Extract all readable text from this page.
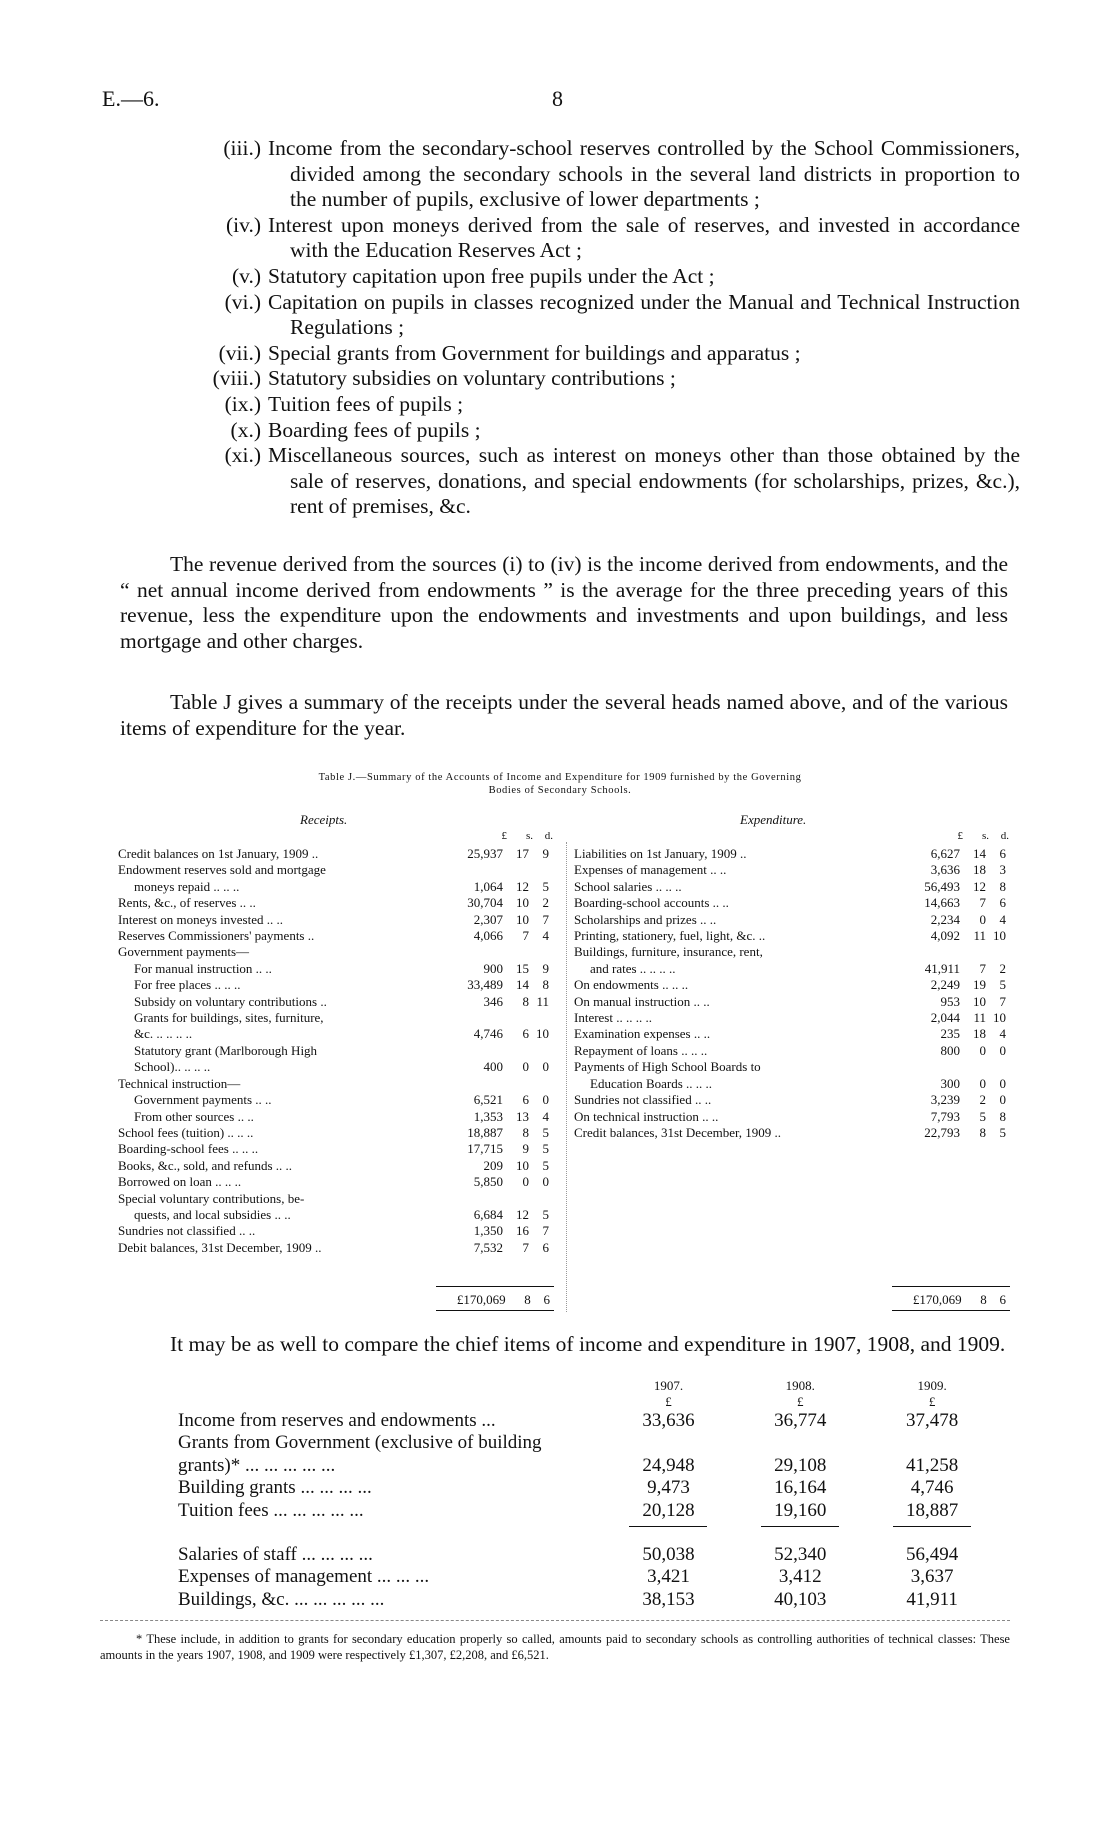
E.—6.	8
(iii.) Income from the secondary-school reserves controlled by the School Commissioners, divided among the secondary schools in the several land districts in proportion to the number of pupils, exclusive of lower departments ;
(iv.) Interest upon moneys derived from the sale of reserves, and invested in accordance with the Education Reserves Act ;
(v.) Statutory capitation upon free pupils under the Act ;
(vi.) Capitation on pupils in classes recognized under the Manual and Technical Instruction Regulations ;
(vii.) Special grants from Government for buildings and apparatus ;
(viii.) Statutory subsidies on voluntary contributions ;
(ix.) Tuition fees of pupils ;
(x.) Boarding fees of pupils ;
(xi.) Miscellaneous sources, such as interest on moneys other than those obtained by the sale of reserves, donations, and special endowments (for scholarships, prizes, &c.), rent of premises, &c.

The revenue derived from the sources (i) to (iv) is the income derived from endowments, and the “ net annual income derived from endowments ” is the average for the three preceding years of this revenue, less the expenditure upon the endowments and investments and upon buildings, and less mortgage and other charges.

Table J gives a summary of the receipts under the several heads named above, and of the various items of expenditure for the year.

Table J.—Summary of the Accounts of Income and Expenditure for 1909 furnished by the Governing
Bodies of Secondary Schools.
Receipts.	Expenditure.
£ s. d.	£ s. d.
Credit balances on 1st January, 1909 ..	25,937	17	9
Endowment reserves sold and mortgage
moneys repaid .. .. ..	1,064	12	5
Rents, &c., of reserves .. ..	30,704	10	2
Interest on moneys invested .. ..	2,307	10	7
Reserves Commissioners' payments ..	4,066	7	4
Government payments—
For manual instruction .. ..	900	15	9
For free places .. .. ..	33,489	14	8
Subsidy on voluntary contributions ..	346	8 11
Grants for buildings, sites, furniture,
&c. .. .. .. ..	4,746	6 10
Statutory grant (Marlborough High
School).. .. .. ..	400	0	0
Technical instruction—
Government payments .. ..	6,521	6	0
From other sources .. ..	1,353	13	4
School fees (tuition) .. .. ..	18,887	8	5
Boarding-school fees .. .. ..	17,715	9	5
Books, &c., sold, and refunds .. ..	209	10	5
Borrowed on loan .. .. ..	5,850	0	0
Special voluntary contributions, be-
quests, and local subsidies .. ..	6,684	12	5
Sundries not classified .. ..	1,350	16	7
Debit balances, 31st December, 1909 ..	7,532	7	6
Liabilities on 1st January, 1909 ..	6,627	14	6
Expenses of management .. ..	3,636	18	3
School salaries .. .. ..	56,493	12	8
Boarding-school accounts .. ..	14,663	7	6
Scholarships and prizes .. ..	2,234	0	4
Printing, stationery, fuel, light, &c. ..	4,092	11 10
Buildings, furniture, insurance, rent,
and rates .. .. .. ..	41,911	7	2
On endowments .. .. ..	2,249	19	5
On manual instruction .. ..	953	10	7
Interest .. .. .. ..	2,044	11 10
Examination expenses .. ..	235	18	4
Repayment of loans .. .. ..	800	0	0
Payments of High School Boards to
Education Boards .. .. ..	300	0	0
Sundries not classified .. ..	3,239	2	0
On technical instruction .. ..	7,793	5	8
Credit balances, 31st December, 1909 ..	22,793	8	5
£170,069	8 6	£170,069	8 6

It may be as well to compare the chief items of income and expenditure in 1907, 1908, and 1909.

1907.	1908.	1909.
£	£	£
Income from reserves and endowments ...	33,636	36,774	37,478
Grants from Government (exclusive of building
grants)* ... ... ... ... ...	24,948	29,108	41,258
Building grants ... ... ... ...	9,473	16,164	4,746
Tuition fees ... ... ... ... ...	20,128	19,160	18,887
Salaries of staff ... ... ... ...	50,038	52,340	56,494
Expenses of management ... ... ...	3,421	3,412	3,637
Buildings, &c. ... ... ... ... ...	38,153	40,103	41,911

* These include, in addition to grants for secondary education properly so called, amounts paid to secondary schools as controlling authorities of technical classes: These amounts in the years 1907, 1908, and 1909 were respectively £1,307, £2,208, and £6,521.
